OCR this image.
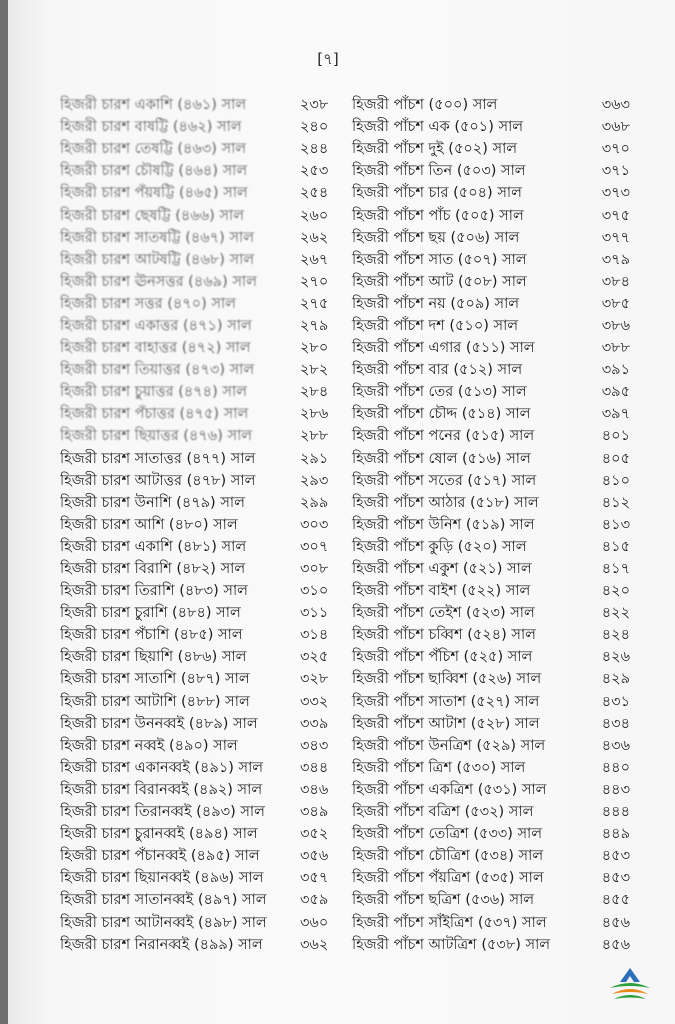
[৭]
হিজরী চারশ একাশি (৪৬১) সাল	২৩৮
হিজরী চারশ বাষট্টি (৪৬২) সাল	২৪০
হিজরী চারশ তেষট্টি (৪৬৩) সাল	২৪৪
হিজরী চারশ চৌষট্টি (৪৬৪) সাল	২৫৩
হিজরী চারশ পঁয়ষট্টি (৪৬৫) সাল	২৫৪
হিজরী চারশ ছেষট্টি (৪৬৬) সাল	২৬০
হিজরী চারশ সাতষট্টি (৪৬৭) সাল	২৬২
হিজরী চারশ আটষট্টি (৪৬৮) সাল	২৬৭
হিজরী চারশ ঊনসত্তর (৪৬৯) সাল	২৭০
হিজরী চারশ সত্তর (৪৭০) সাল	২৭৫
হিজরী চারশ একাত্তর (৪৭১) সাল	২৭৯
হিজরী চারশ বাহাত্তর (৪৭২) সাল	২৮০
হিজরী চারশ তিয়াত্তর (৪৭৩) সাল	২৮২
হিজরী চারশ চুয়াত্তর (৪৭৪) সাল	২৮৪
হিজরী চারশ পঁচাত্তর (৪৭৫) সাল	২৮৬
হিজরী চারশ ছিয়াত্তর (৪৭৬) সাল	২৮৮
হিজরী চারশ সাতাত্তর (৪৭৭) সাল	২৯১
হিজরী চারশ আটাত্তর (৪৭৮) সাল	২৯৩
হিজরী চারশ উনাশি (৪৭৯) সাল	২৯৯
হিজরী চারশ আশি (৪৮০) সাল	৩০৩
হিজরী চারশ একাশি (৪৮১) সাল	৩০৭
হিজরী চারশ বিরাশি (৪৮২) সাল	৩০৮
হিজরী চারশ তিরাশি (৪৮৩) সাল	৩১০
হিজরী চারশ চুরাশি (৪৮৪) সাল	৩১১
হিজরী চারশ পঁচাশি (৪৮৫) সাল	৩১৪
হিজরী চারশ ছিয়াশি (৪৮৬) সাল	৩২৫
হিজরী চারশ সাতাশি (৪৮৭) সাল	৩২৮
হিজরী চারশ আটাশি (৪৮৮) সাল	৩৩২
হিজরী চারশ উননব্বই (৪৮৯) সাল	৩৩৯
হিজরী চারশ নব্বই (৪৯০) সাল	৩৪৩
হিজরী চারশ একানব্বই (৪৯১) সাল	৩৪৪
হিজরী চারশ বিরানব্বই (৪৯২) সাল	৩৪৬
হিজরী চারশ তিরানব্বই (৪৯৩) সাল	৩৪৯
হিজরী চারশ চুরানব্বই (৪৯৪) সাল	৩৫২
হিজরী চারশ পঁচানব্বই (৪৯৫) সাল	৩৫৬
হিজরী চারশ ছিয়ানব্বই (৪৯৬) সাল	৩৫৭
হিজরী চারশ সাতানব্বই (৪৯৭) সাল	৩৫৯
হিজরী চারশ আটানব্বই (৪৯৮) সাল	৩৬০
হিজরী চারশ নিরানব্বই (৪৯৯) সাল	৩৬২
হিজরী পাঁচশ (৫০০) সাল	৩৬৩
হিজরী পাঁচশ এক (৫০১) সাল	৩৬৮
হিজরী পাঁচশ দুই (৫০২) সাল	৩৭০
হিজরী পাঁচশ তিন (৫০৩) সাল	৩৭১
হিজরী পাঁচশ চার (৫০৪) সাল	৩৭৩
হিজরী পাঁচশ পাঁচ (৫০৫) সাল	৩৭৫
হিজরী পাঁচশ ছয় (৫০৬) সাল	৩৭৭
হিজরী পাঁচশ সাত (৫০৭) সাল	৩৭৯
হিজরী পাঁচশ আট (৫০৮) সাল	৩৮৪
হিজরী পাঁচশ নয় (৫০৯) সাল	৩৮৫
হিজরী পাঁচশ দশ (৫১০) সাল	৩৮৬
হিজরী পাঁচশ এগার (৫১১) সাল	৩৮৮
হিজরী পাঁচশ বার (৫১২) সাল	৩৯১
হিজরী পাঁচশ তের (৫১৩) সাল	৩৯৫
হিজরী পাঁচশ চৌদ্দ (৫১৪) সাল	৩৯৭
হিজরী পাঁচশ পনের (৫১৫) সাল	৪০১
হিজরী পাঁচশ ষোল (৫১৬) সাল	৪০৫
হিজরী পাঁচশ সতের (৫১৭) সাল	৪১০
হিজরী পাঁচশ আঠার (৫১৮) সাল	৪১২
হিজরী পাঁচশ উনিশ (৫১৯) সাল	৪১৩
হিজরী পাঁচশ কুড়ি (৫২০) সাল	৪১৫
হিজরী পাঁচশ একুশ (৫২১) সাল	৪১৭
হিজরী পাঁচশ বাইশ (৫২২) সাল	৪২০
হিজরী পাঁচশ তেইশ (৫২৩) সাল	৪২২
হিজরী পাঁচশ চব্বিশ (৫২৪) সাল	৪২৪
হিজরী পাঁচশ পঁচিশ (৫২৫) সাল	৪২৬
হিজরী পাঁচশ ছাব্বিশ (৫২৬) সাল	৪২৯
হিজরী পাঁচশ সাতাশ (৫২৭) সাল	৪৩১
হিজরী পাঁচশ আটাশ (৫২৮) সাল	৪৩৪
হিজরী পাঁচশ উনত্রিশ (৫২৯) সাল	৪৩৬
হিজরী পাঁচশ ত্রিশ (৫৩০) সাল	৪৪০
হিজরী পাঁচশ একত্রিশ (৫৩১) সাল	৪৪৩
হিজরী পাঁচশ বত্রিশ (৫৩২) সাল	৪৪৪
হিজরী পাঁচশ তেত্রিশ (৫৩৩) সাল	৪৪৯
হিজরী পাঁচশ চৌত্রিশ (৫৩৪) সাল	৪৫৩
হিজরী পাঁচশ পঁয়ত্রিশ (৫৩৫) সাল	৪৫৩
হিজরী পাঁচশ ছত্রিশ (৫৩৬) সাল	৪৫৫
হিজরী পাঁচশ সাঁইত্রিশ (৫৩৭) সাল	৪৫৬
হিজরী পাঁচশ আটত্রিশ (৫৩৮) সাল	৪৫৬
